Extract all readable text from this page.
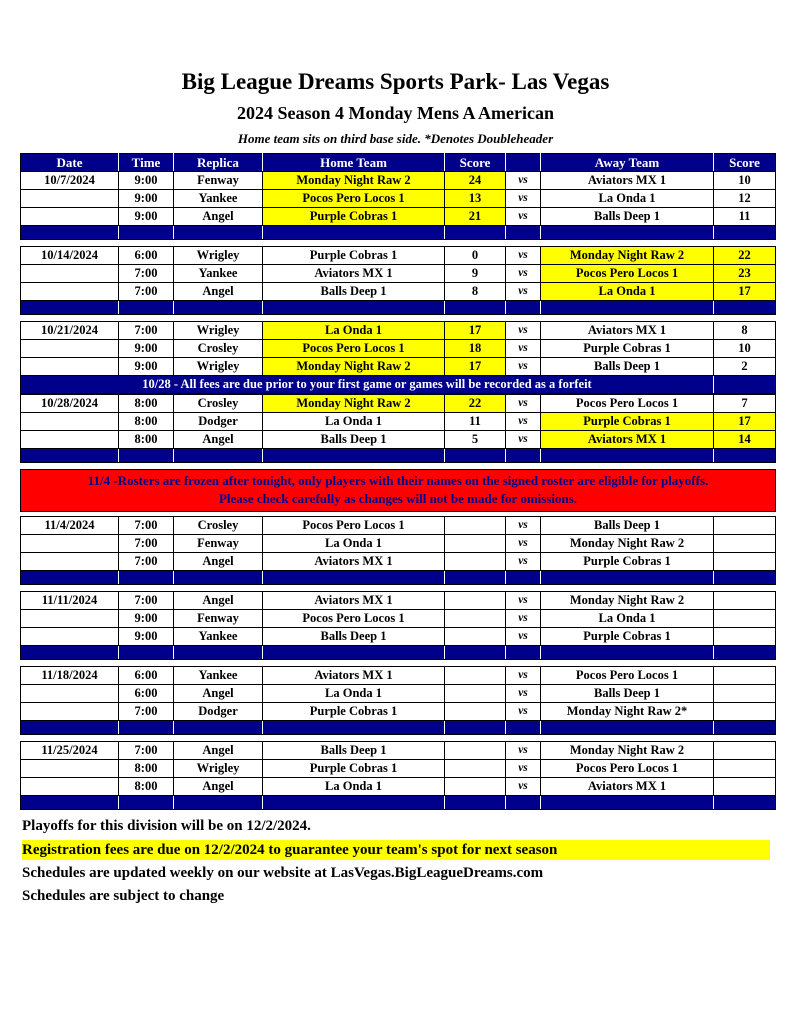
Big League Dreams Sports Park- Las Vegas
2024 Season 4 Monday Mens A American
Home team sits on third base side. *Denotes Doubleheader
Date	Time	Replica	Home Team	Score		Away Team	Score
10/7/2024	9:00	Fenway	Monday Night Raw 2	24	vs	Aviators MX 1	10
	9:00	Yankee	Pocos Pero Locos 1	13	vs	La Onda 1	12
	9:00	Angel	Purple Cobras 1	21	vs	Balls Deep 1	11

10/14/2024	6:00	Wrigley	Purple Cobras 1	0	vs	Monday Night Raw 2	22
	7:00	Yankee	Aviators MX 1	9	vs	Pocos Pero Locos 1	23
	7:00	Angel	Balls Deep 1	8	vs	La Onda 1	17

10/21/2024	7:00	Wrigley	La Onda 1	17	vs	Aviators MX 1	8
	9:00	Crosley	Pocos Pero Locos 1	18	vs	Purple Cobras 1	10
	9:00	Wrigley	Monday Night Raw 2	17	vs	Balls Deep 1	2
10/28 - All fees are due prior to your first game or games will be recorded as a forfeit							
10/28/2024	8:00	Crosley	Monday Night Raw 2	22	vs	Pocos Pero Locos 1	7
	8:00	Dodger	La Onda 1	11	vs	Purple Cobras 1	17
	8:00	Angel	Balls Deep 1	5	vs	Aviators MX 1	14

11/4 -Rosters are frozen after tonight, only players with their names on the signed roster are eligible for playoffs.
Please check carefully as changes will not be made for omissions.
11/4/2024	7:00	Crosley	Pocos Pero Locos 1		vs	Balls Deep 1	
	7:00	Fenway	La Onda 1		vs	Monday Night Raw 2	
	7:00	Angel	Aviators MX 1		vs	Purple Cobras 1	

11/11/2024	7:00	Angel	Aviators MX 1		vs	Monday Night Raw 2	
	9:00	Fenway	Pocos Pero Locos 1		vs	La Onda 1	
	9:00	Yankee	Balls Deep 1		vs	Purple Cobras 1	

11/18/2024	6:00	Yankee	Aviators MX 1		vs	Pocos Pero Locos 1	
	6:00	Angel	La Onda 1		vs	Balls Deep 1	
	7:00	Dodger	Purple Cobras 1		vs	Monday Night Raw 2*	

11/25/2024	7:00	Angel	Balls Deep 1		vs	Monday Night Raw 2	
	8:00	Wrigley	Purple Cobras 1		vs	Pocos Pero Locos 1	
	8:00	Angel	La Onda 1		vs	Aviators MX 1	

Playoffs for this division will be on 12/2/2024.
Registration fees are due on 12/2/2024 to guarantee your team's spot for next season
Schedules are updated weekly on our website at LasVegas.BigLeagueDreams.com
Schedules are subject to change
